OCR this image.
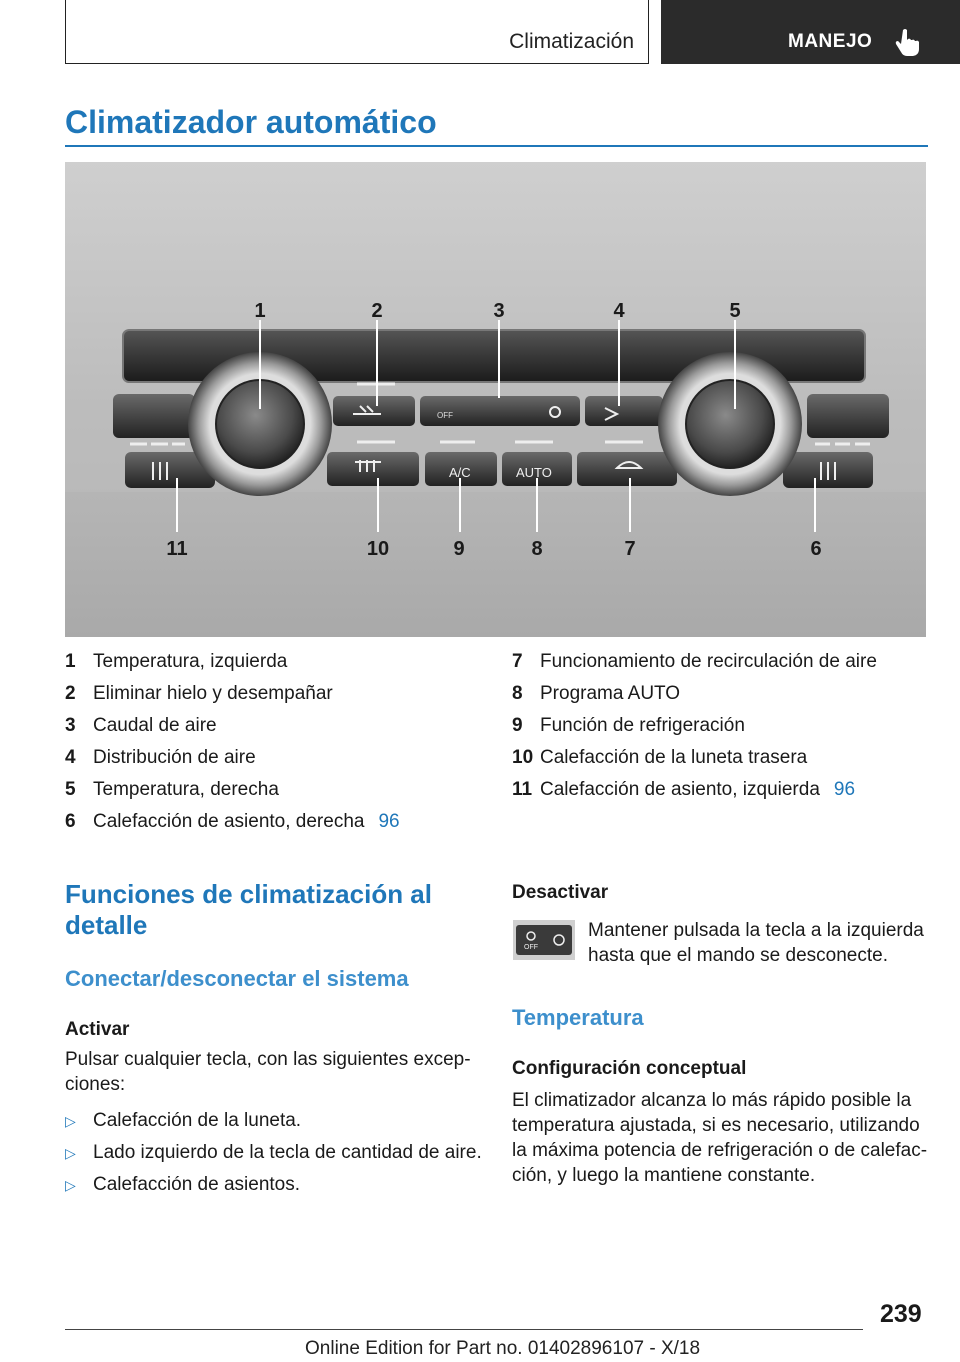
Climatización	MANEJO
Climatizador automático
OFF
A/C	AUTO
1	2	3	4	5
6
7
8
9
10
11
1 Temperatura, izquierda
2 Eliminar hielo y desempañar
3 Caudal de aire
4 Distribución de aire
5 Temperatura, derecha
6 Calefacción de asiento, derecha 96
7 Funcionamiento de recirculación de aire
8 Programa AUTO
9 Función de refrigeración
10 Calefacción de la luneta trasera
11 Calefacción de asiento, izquierda 96
Funciones de climatización al detalle
Conectar/desconectar el sistema
Activar

Pulsar cualquier tecla, con las siguientes excep-ciones:

▷ Calefacción de la luneta.
▷ Lado izquierdo de la tecla de cantidad de aire.
▷ Calefacción de asientos.
Desactivar
OFF

Mantener pulsada la tecla a la izquierda hasta que el mando se desconecte.

Temperatura
Configuración conceptual

El climatizador alcanza lo más rápido posible la temperatura ajustada, si es necesario, utilizando la máxima potencia de refrigeración o de calefac-ción, y luego la mantiene constante.

239
Online Edition for Part no. 01402896107 - X/18
